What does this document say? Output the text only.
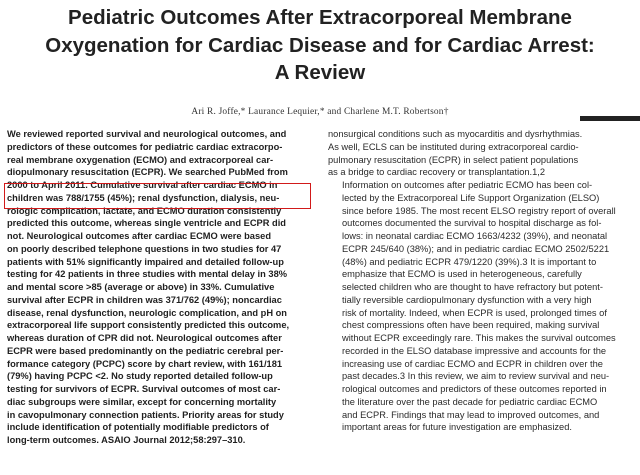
Pediatric Outcomes After Extracorporeal Membrane
Oxygenation for Cardiac Disease and for Cardiac Arrest:
A Review
Ari R. Joffe,* Laurance Lequier,* and Charlene M.T. Robertson†
We reviewed reported survival and neurological outcomes, and
predictors of these outcomes for pediatric cardiac extracorpo-
real membrane oxygenation (ECMO) and extracorporeal car-
diopulmonary resuscitation (ECPR). We searched PubMed from
2000 to April 2011. Cumulative survival after cardiac ECMO in
children was 788/1755 (45%); renal dysfunction, dialysis, neu-
rologic complication, lactate, and ECMO duration consistently
predicted this outcome, whereas single ventricle and ECPR did
not. Neurological outcomes after cardiac ECMO were based
on poorly described telephone questions in two studies for 47
patients with 51% significantly impaired and detailed follow-up
testing for 42 patients in three studies with mental delay in 38%
and mental score >85 (average or above) in 33%. Cumulative
survival after ECPR in children was 371/762 (49%); noncardiac
disease, renal dysfunction, neurologic complication, and pH on
extracorporeal life support consistently predicted this outcome,
whereas duration of CPR did not. Neurological outcomes after
ECPR were based predominantly on the pediatric cerebral per-
formance category (PCPC) score by chart review, with 161/181
(79%) having PCPC <2. No study reported detailed follow-up
testing for survivors of ECPR. Survival outcomes of most car-
diac subgroups were similar, except for concerning mortality
in cavopulmonary connection patients. Priority areas for study
include identification of potentially modifiable predictors of
long-term outcomes. ASAIO Journal 2012;58:297–310.
nonsurgical conditions such as myocarditis and dysrhythmias.
As well, ECLS can be instituted during extracorporeal cardio-
pulmonary resuscitation (ECPR) in select patient populations
as a bridge to cardiac recovery or transplantation.1,2
Information on outcomes after pediatric ECMO has been col-
lected by the Extracorporeal Life Support Organization (ELSO)
since before 1985. The most recent ELSO registry report of overall
outcomes documented the survival to hospital discharge as fol-
lows: in neonatal cardiac ECMO 1663/4232 (39%), and neonatal
ECPR 245/640 (38%); and in pediatric cardiac ECMO 2502/5221
(48%) and pediatric ECPR 479/1220 (39%).3 It is important to
emphasize that ECMO is used in heterogeneous, carefully
selected children who are thought to have refractory but potent-
tially reversible cardiopulmonary dysfunction with a very high
risk of mortality. Indeed, when ECPR is used, prolonged times of
chest compressions often have been required, making survival
without ECPR exceedingly rare. This makes the survival outcomes
recorded in the ELSO database impressive and accounts for the
increasing use of cardiac ECMO and ECPR in children over the
past decades.3 In this review, we aim to review survival and neu-
rological outcomes and predictors of these outcomes reported in
the literature over the past decade for pediatric cardiac ECMO
and ECPR. Findings that may lead to improved outcomes, and
important areas for future investigation are emphasized.
